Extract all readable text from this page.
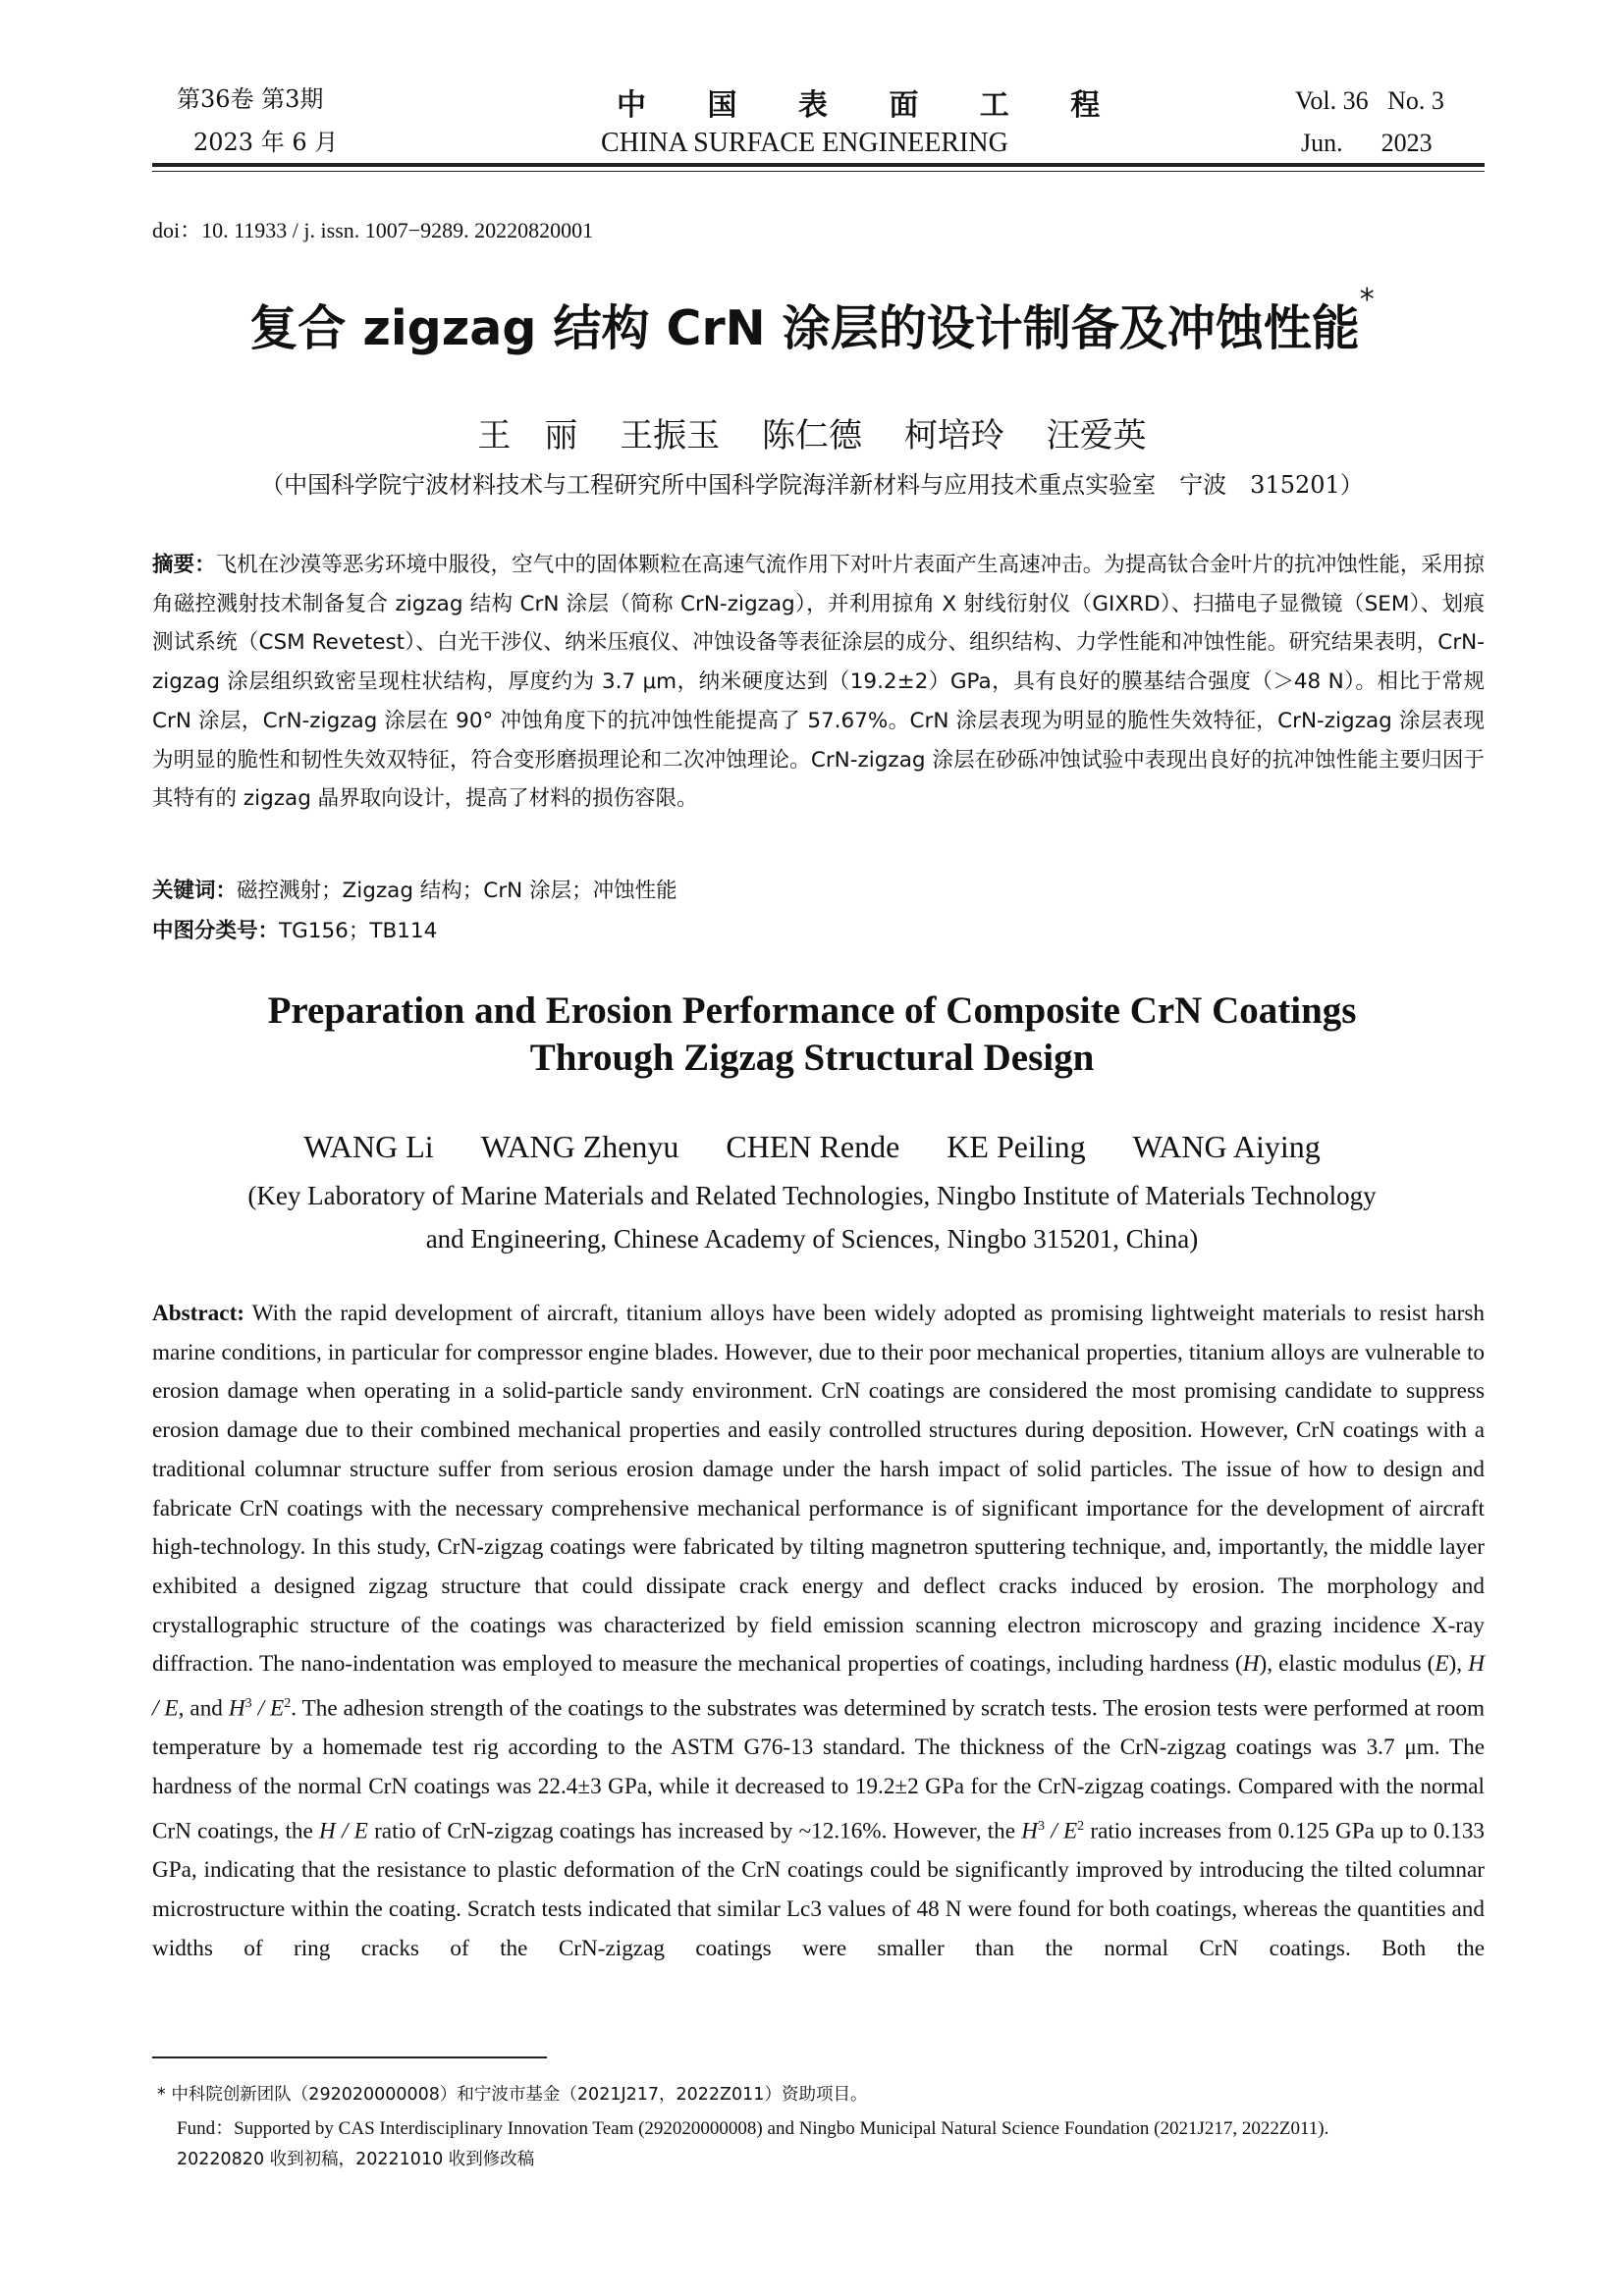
第36卷 第3期
2023 年 6 月
中 国 表 面 工 程
CHINA SURFACE ENGINEERING
Vol. 36   No. 3
Jun.      2023
doi：10. 11933 / j. issn. 1007−9289. 20220820001
复合 zigzag 结构 CrN 涂层的设计制备及冲蚀性能*
王　丽 王振玉 陈仁德 柯培玲 汪爱英
（中国科学院宁波材料技术与工程研究所中国科学院海洋新材料与应用技术重点实验室　宁波　315201）
摘要：飞机在沙漠等恶劣环境中服役，空气中的固体颗粒在高速气流作用下对叶片表面产生高速冲击。为提高钛合金叶片的抗冲蚀性能，采用掠角磁控溅射技术制备复合 zigzag 结构 CrN 涂层（简称 CrN-zigzag），并利用掠角 X 射线衍射仪（GIXRD）、扫描电子显微镜（SEM）、划痕测试系统（CSM Revetest）、白光干涉仪、纳米压痕仪、冲蚀设备等表征涂层的成分、组织结构、力学性能和冲蚀性能。研究结果表明，CrN-zigzag 涂层组织致密呈现柱状结构，厚度约为 3.7 μm，纳米硬度达到（19.2±2）GPa，具有良好的膜基结合强度（＞48 N）。相比于常规 CrN 涂层，CrN-zigzag 涂层在 90° 冲蚀角度下的抗冲蚀性能提高了 57.67%。CrN 涂层表现为明显的脆性失效特征，CrN-zigzag 涂层表现为明显的脆性和韧性失效双特征，符合变形磨损理论和二次冲蚀理论。CrN-zigzag 涂层在砂砾冲蚀试验中表现出良好的抗冲蚀性能主要归因于其特有的 zigzag 晶界取向设计，提高了材料的损伤容限。
关键词：磁控溅射；Zigzag 结构；CrN 涂层；冲蚀性能
中图分类号：TG156；TB114
Preparation and Erosion Performance of Composite CrN Coatings
Through Zigzag Structural Design
WANG Li WANG Zhenyu CHEN Rende KE Peiling WANG Aiying
(Key Laboratory of Marine Materials and Related Technologies, Ningbo Institute of Materials Technology
and Engineering, Chinese Academy of Sciences, Ningbo 315201, China)
Abstract: With the rapid development of aircraft, titanium alloys have been widely adopted as promising lightweight materials to resist harsh marine conditions, in particular for compressor engine blades. However, due to their poor mechanical properties, titanium alloys are vulnerable to erosion damage when operating in a solid-particle sandy environment. CrN coatings are considered the most promising candidate to suppress erosion damage due to their combined mechanical properties and easily controlled structures during deposition. However, CrN coatings with a traditional columnar structure suffer from serious erosion damage under the harsh impact of solid particles. The issue of how to design and fabricate CrN coatings with the necessary comprehensive mechanical performance is of significant importance for the development of aircraft high-technology. In this study, CrN-zigzag coatings were fabricated by tilting magnetron sputtering technique, and, importantly, the middle layer exhibited a designed zigzag structure that could dissipate crack energy and deflect cracks induced by erosion. The morphology and crystallographic structure of the coatings was characterized by field emission scanning electron microscopy and grazing incidence X-ray diffraction. The nano-indentation was employed to measure the mechanical properties of coatings, including hardness (H), elastic modulus (E), H / E, and $H^3 / E^2$. The adhesion strength of the coatings to the substrates was determined by scratch tests. The erosion tests were performed at room temperature by a homemade test rig according to the ASTM G76-13 standard. The thickness of the CrN-zigzag coatings was 3.7 μm. The hardness of the normal CrN coatings was 22.4±3 GPa, while it decreased to 19.2±2 GPa for the CrN-zigzag coatings. Compared with the normal CrN coatings, the H / E ratio of CrN-zigzag coatings has increased by ~12.16%. However, the $H^3 / E^2$ ratio increases from 0.125 GPa up to 0.133 GPa, indicating that the resistance to plastic deformation of the CrN coatings could be significantly improved by introducing the tilted columnar microstructure within the coating. Scratch tests indicated that similar Lc3 values of 48 N were found for both coatings, whereas the quantities and widths of ring cracks of the CrN-zigzag coatings were smaller than the normal CrN coatings. Both the
* 中科院创新团队（292020000008）和宁波市基金（2021J217，2022Z011）资助项目。
Fund：Supported by CAS Interdisciplinary Innovation Team (292020000008) and Ningbo Municipal Natural Science Foundation (2021J217, 2022Z011).
20220820 收到初稿，20221010 收到修改稿
